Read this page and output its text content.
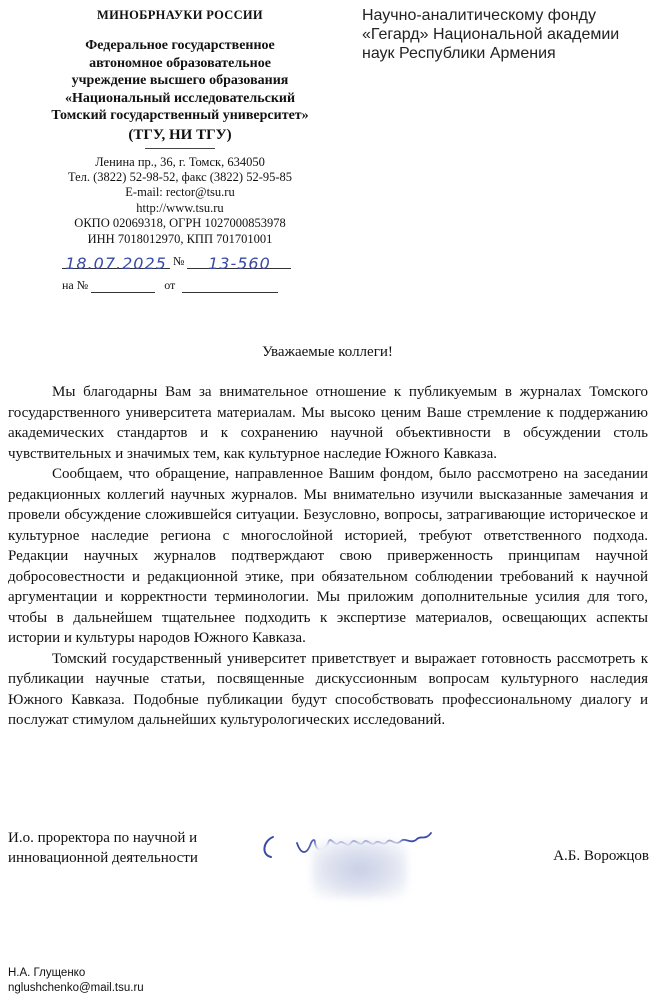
МИНОБРНАУКИ РОССИИ
Федеральное государственное
автономное образовательное
учреждение высшего образования
«Национальный исследовательский
Томский государственный университет»
(ТГУ, НИ ТГУ)
Ленина пр., 36, г. Томск, 634050
Тел. (3822) 52-98-52, факс (3822) 52-95-85
E-mail: rector@tsu.ru
http://www.tsu.ru
ОКПО 02069318, ОГРН 1027000853978
ИНН 7018012970, КПП 701701001
Научно-аналитическому фонду
«Гегард» Национальной академии
наук Республики Армения
18.07.2025 № 13-560
на №	от
Уважаемые коллеги!

Мы благодарны Вам за внимательное отношение к публикуемым в журналах Томского государственного университета материалам. Мы высоко ценим Ваше стремление к поддержанию академических стандартов и к сохранению научной объективности в обсуждении столь чувствительных и значимых тем, как культурное наследие Южного Кавказа.

Сообщаем, что обращение, направленное Вашим фондом, было рассмотрено на заседании редакционных коллегий научных журналов. Мы внимательно изучили высказанные замечания и провели обсуждение сложившейся ситуации. Безусловно, вопросы, затрагивающие историческое и культурное наследие региона с многослойной историей, требуют ответственного подхода. Редакции научных журналов подтверждают свою приверженность принципам научной добросовестности и редакционной этике, при обязательном соблюдении требований к научной аргументации и корректности терминологии. Мы приложим дополнительные усилия для того, чтобы в дальнейшем тщательнее подходить к экспертизе материалов, освещающих аспекты истории и культуры народов Южного Кавказа.

Томский государственный университет приветствует и выражает готовность рассмотреть к публикации научные статьи, посвященные дискуссионным вопросам культурного наследия Южного Кавказа. Подобные публикации будут способствовать профессиональному диалогу и послужат стимулом дальнейших культурологических исследований.

И.о. проректора по научной и
инновационной деятельности	А.Б. Ворожцов
Н.А. Глущенко
nglushchenko@mail.tsu.ru
